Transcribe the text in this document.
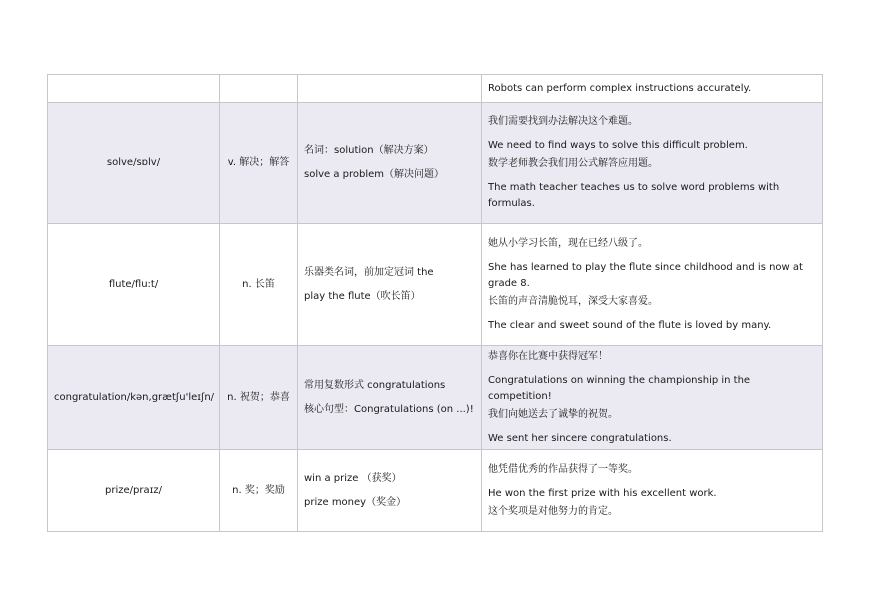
			Robots can perform complex instructions accurately.

solve/sɒlv/	v. 解决；解答	名词：solution（解决方案）
solve a problem（解决问题）	我们需要找到办法解决这个难题。
We need to find ways to solve this difficult problem.
数学老师教会我们用公式解答应用题。
The math teacher teaches us to solve word problems with formulas.

flute/flu:t/	n. 长笛	乐器类名词，前加定冠词 the
play the flute（吹长笛）	她从小学习长笛，现在已经八级了。
She has learned to play the flute since childhood and is now at grade 8.
长笛的声音清脆悦耳，深受大家喜爱。
The clear and sweet sound of the flute is loved by many.

congratulation/kən,grætʃu'leɪʃn/	n. 祝贺；恭喜	常用复数形式 congratulations
核心句型：Congratulations (on ...)!	恭喜你在比赛中获得冠军！
Congratulations on winning the championship in the competition!
我们向她送去了诚挚的祝贺。
We sent her sincere congratulations.

prize/praɪz/	n. 奖；奖励	win a prize （获奖）
prize money（奖金）	他凭借优秀的作品获得了一等奖。
He won the first prize with his excellent work.
这个奖项是对他努力的肯定。
